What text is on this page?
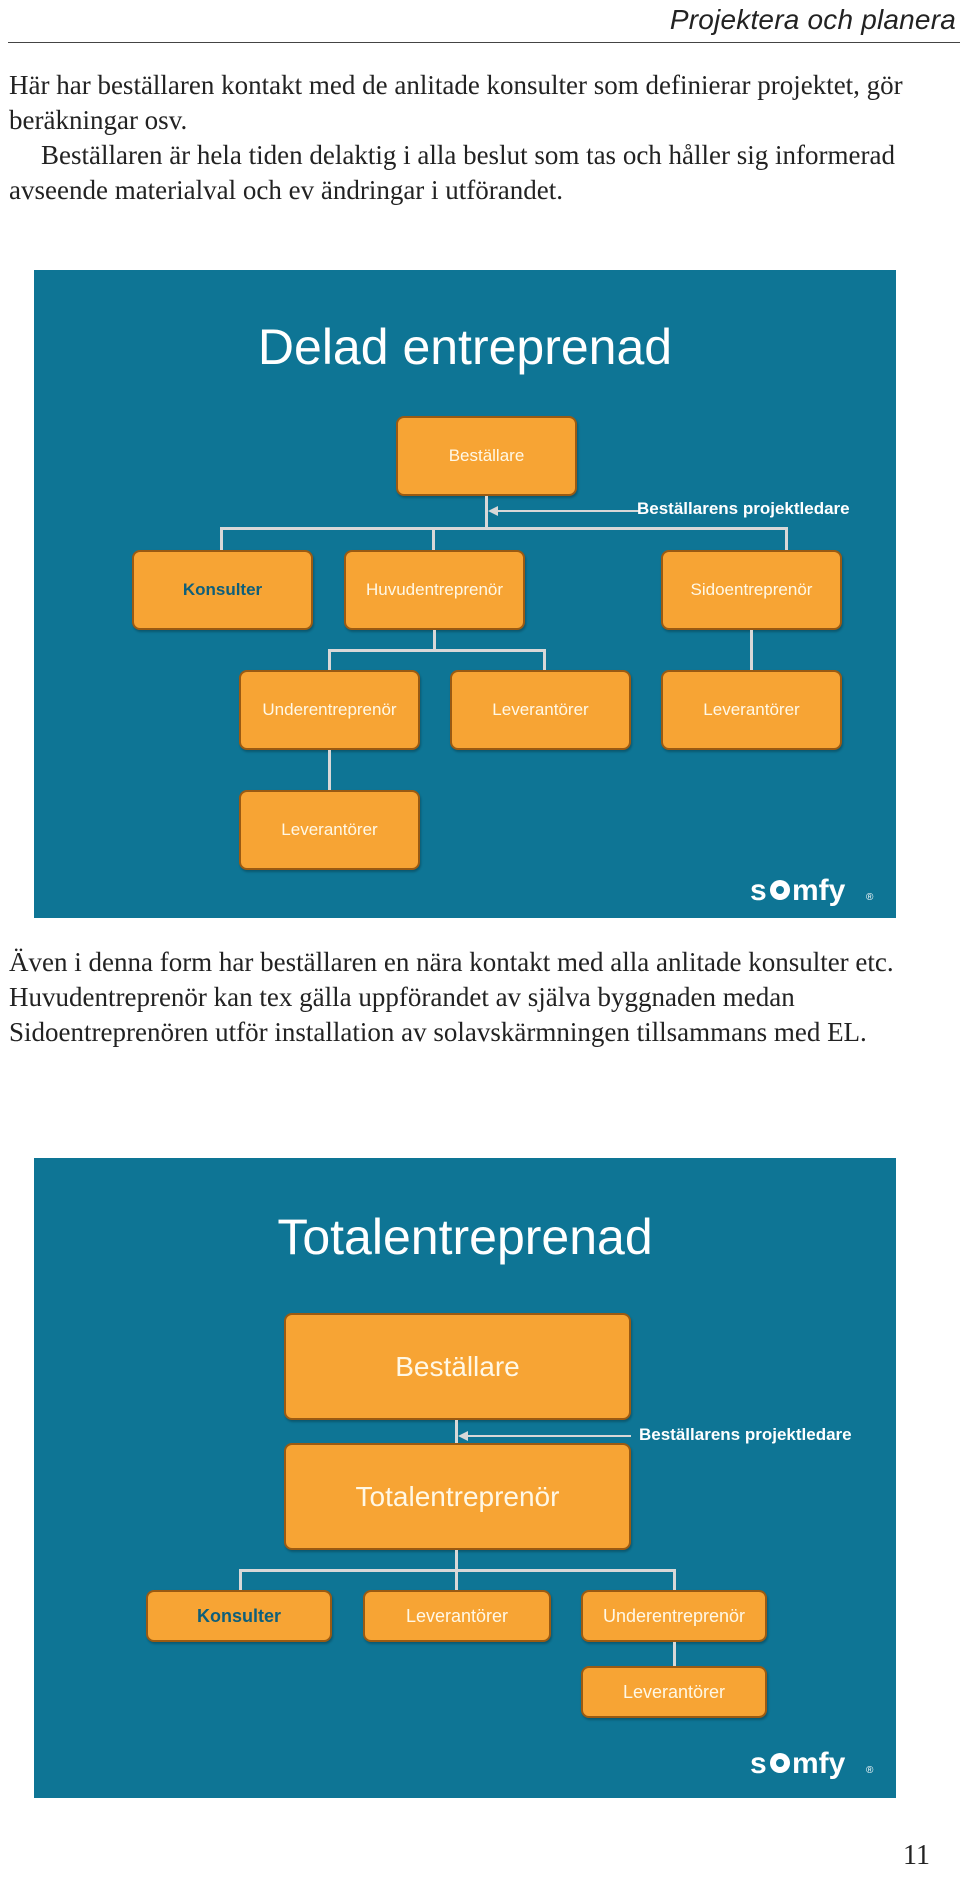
Projektera och planera

Här har beställaren kontakt med de anlitade konsulter som definierar projektet, gör beräkningar osv.

Beställaren är hela tiden delaktig i alla beslut som tas och håller sig informerad avseende materialval och ev ändringar i utförandet.

Delad entreprenad
Beställare
Beställarens projektledare
Konsulter	Huvudentreprenör	Sidoentreprenör
Underentreprenör	Leverantörer	Leverantörer
Leverantörer
s mfy ®

Även i denna form har beställaren en nära kontakt med alla anlitade konsulter etc. Huvudentreprenör kan tex gälla uppförandet av själva byggnaden medan Sidoentreprenören utför installation av solavskärmningen tillsammans med EL.

Totalentreprenad
Beställare
Beställarens projektledare
Totalentreprenör
Konsulter	Leverantörer	Underentreprenör
Leverantörer
s mfy ®
11
